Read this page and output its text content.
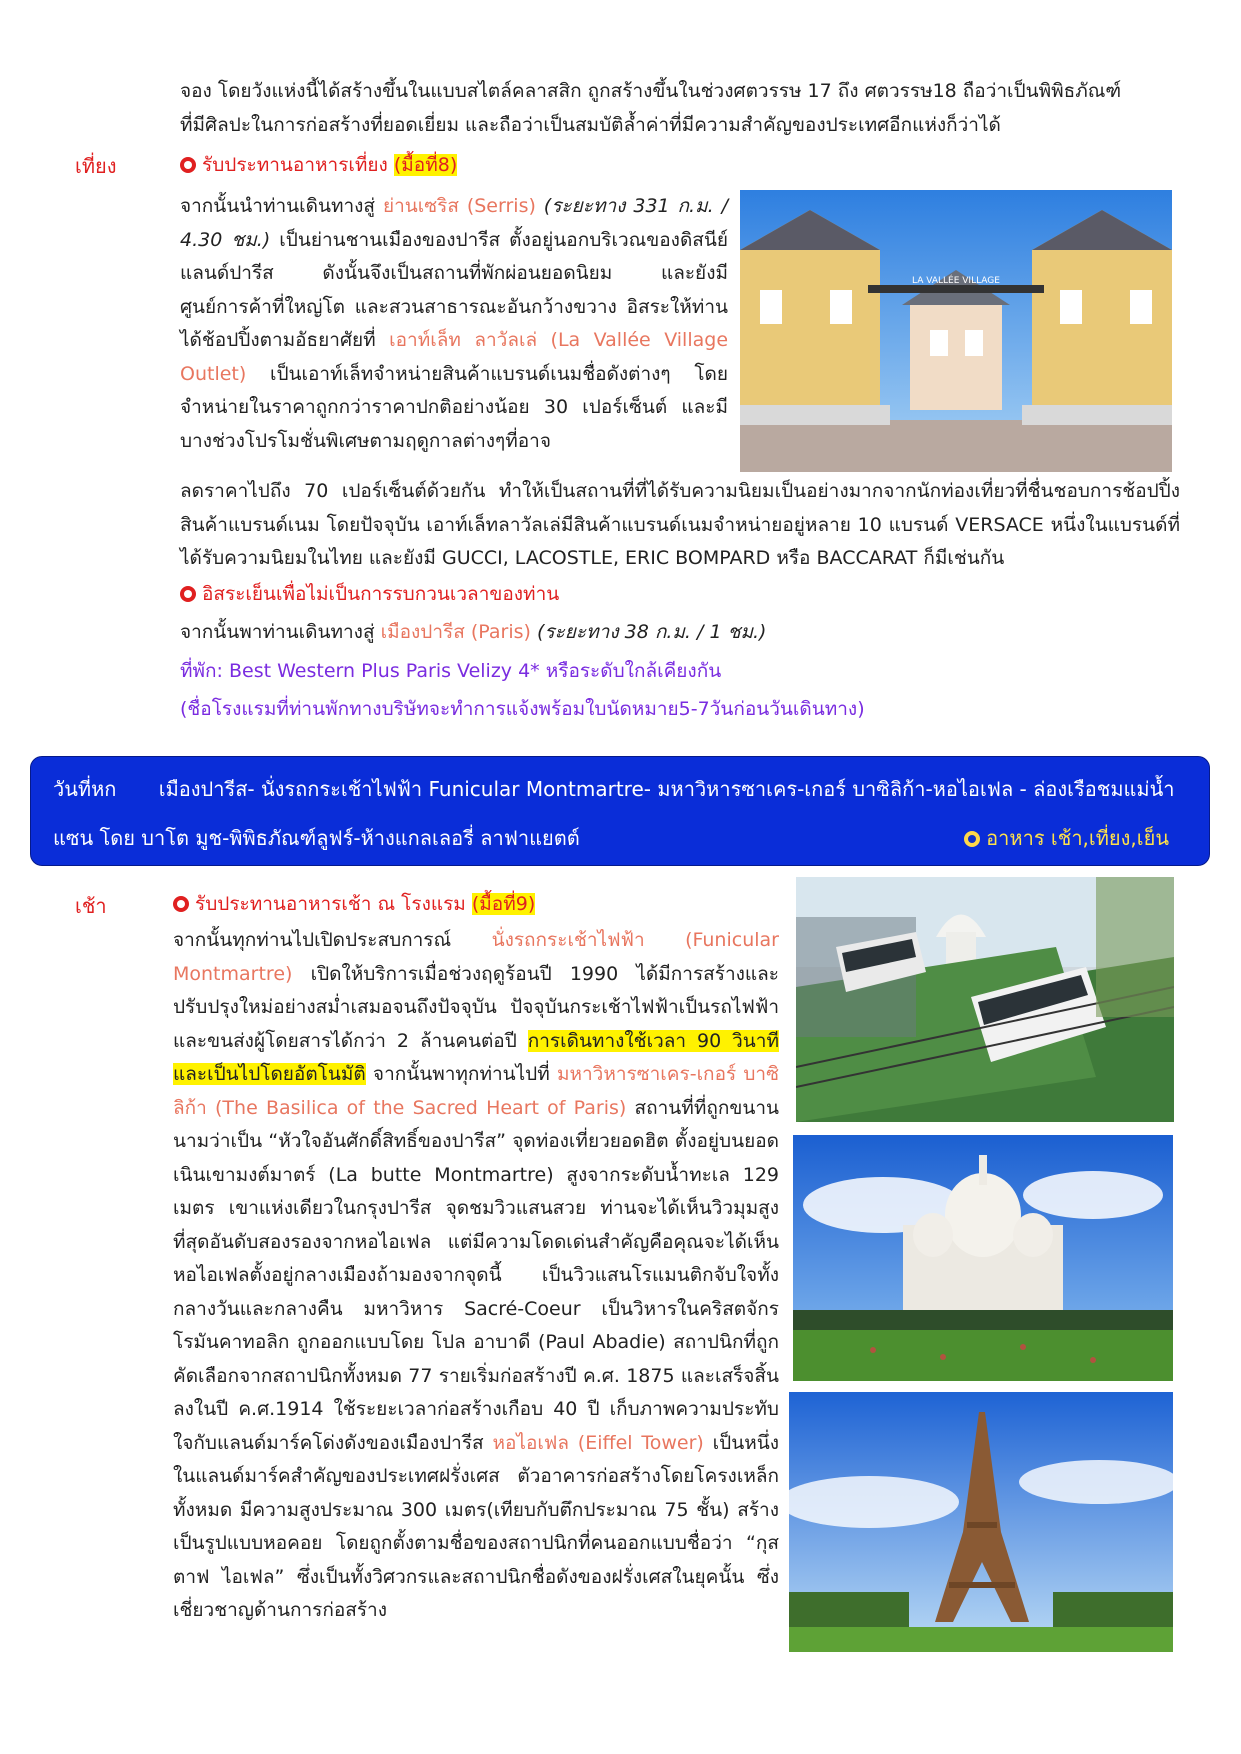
จอง โดยวังแห่งนี้ได้สร้างขึ้นในแบบสไตล์คลาสสิก ถูกสร้างขึ้นในช่วงศตวรรษ 17 ถึง ศตวรรษ18 ถือว่าเป็นพิพิธภัณฑ์
ที่มีศิลปะในการก่อสร้างที่ยอดเยี่ยม และถือว่าเป็นสมบัติล้ำค่าที่มีความสำคัญของประเทศอีกแห่งก็ว่าได้
เที่ยง	รับประทานอาหารเที่ยง (มื้อที่8)
จากนั้นนำท่านเดินทางสู่ ย่านเซริส (Serris) (ระยะทาง 331 ก.ม. / 4.30 ชม.) เป็นย่านชานเมืองของปารีส ตั้งอยู่นอกบริเวณของดิสนีย์แลนด์ปารีส ดังนั้นจึงเป็นสถานที่พักผ่อนยอดนิยม และยังมี ศูนย์การค้าที่ใหญ่โต และสวนสาธารณะอันกว้างขวาง อิสระให้ท่านได้ช้อปปิ้งตามอัธยาศัยที่ เอาท์เล็ท ลาวัลเล่ (La Vallée Village Outlet) เป็นเอาท์เล็ทจำหน่ายสินค้าแบรนด์เนมชื่อดังต่างๆ โดยจำหน่ายในราคาถูกกว่าราคาปกติอย่างน้อย 30 เปอร์เซ็นต์ และมีบางช่วงโปรโมชั่นพิเศษตามฤดูกาลต่างๆที่อาจ
ลดราคาไปถึง 70 เปอร์เซ็นต์ด้วยกัน ทำให้เป็นสถานที่ที่ได้รับความนิยมเป็นอย่างมากจากนักท่องเที่ยวที่ชื่นชอบการช้อปปิ้งสินค้าแบรนด์เนม โดยปัจจุบัน เอาท์เล็ทลาวัลเล่มีสินค้าแบรนด์เนมจำหน่ายอยู่หลาย 10 แบรนด์ VERSACE หนึ่งในแบรนด์ที่ได้รับความนิยมในไทย และยังมี GUCCI, LACOSTLE, ERIC BOMPARD หรือ BACCARAT ก็มีเช่นกัน
LA VALLÉE VILLAGE
อิสระเย็นเพื่อไม่เป็นการรบกวนเวลาของท่าน
จากนั้นพาท่านเดินทางสู่ เมืองปารีส (Paris) (ระยะทาง 38 ก.ม. / 1 ชม.)
ที่พัก: Best Western Plus Paris Velizy 4* หรือระดับใกล้เคียงกัน
(ชื่อโรงแรมที่ท่านพักทางบริษัทจะทำการแจ้งพร้อมใบนัดหมาย5-7วันก่อนวันเดินทาง)
วันที่หก เมืองปารีส- นั่งรถกระเช้าไฟฟ้า Funicular Montmartre- มหาวิหารซาเคร-เกอร์ บาซิลิก้า-หอไอเฟล - ล่องเรือชมแม่น้ำ
แซน โดย บาโต มูช-พิพิธภัณฑ์ลูฟร์-ห้างแกลเลอรี่ ลาฟาแยตต์	อาหาร เช้า,เที่ยง,เย็น
เช้า	รับประทานอาหารเช้า ณ โรงแรม (มื้อที่9)
จากนั้นทุกท่านไปเปิดประสบการณ์ นั่งรถกระเช้าไฟฟ้า (Funicular Montmartre) เปิดให้บริการเมื่อช่วงฤดูร้อนปี 1990 ได้มีการสร้างและปรับปรุงใหม่อย่างสม่ำเสมอจนถึงปัจจุบัน ปัจจุบันกระเช้าไฟฟ้าเป็นรถไฟฟ้าและขนส่งผู้โดยสารได้กว่า 2 ล้านคนต่อปี การเดินทางใช้เวลา 90 วินาทีและเป็นไปโดยอัตโนมัติ จากนั้นพาทุกท่านไปที่ มหาวิหารซาเคร-เกอร์ บาซิลิก้า (The Basilica of the Sacred Heart of Paris) สถานที่ที่ถูกขนานนามว่าเป็น “หัวใจอันศักดิ์สิทธิ์ของปารีส” จุดท่องเที่ยวยอดฮิต ตั้งอยู่บนยอดเนินเขามงต์มาตร์ (La butte Montmartre) สูงจากระดับน้ำทะเล 129 เมตร เขาแห่งเดียวในกรุงปารีส จุดชมวิวแสนสวย ท่านจะได้เห็นวิวมุมสูงที่สุดอันดับสองรองจากหอไอเฟล แต่มีความโดดเด่นสำคัญคือคุณจะได้เห็นหอไอเฟลตั้งอยู่กลางเมืองถ้ามองจากจุดนี้ เป็นวิวแสนโรแมนติกจับใจทั้งกลางวันและกลางคืน มหาวิหาร Sacré-Coeur เป็นวิหารในคริสตจักรโรมันคาทอลิก ถูกออกแบบโดย โปล อาบาดี (Paul Abadie) สถาปนิกที่ถูกคัดเลือกจากสถาปนิกทั้งหมด 77 รายเริ่มก่อสร้างปี ค.ศ. 1875 และเสร็จสิ้นลงในปี ค.ศ.1914 ใช้ระยะเวลาก่อสร้างเกือบ 40 ปี เก็บภาพความประทับใจกับแลนด์มาร์คโด่งดังของเมืองปารีส หอไอเฟล (Eiffel Tower) เป็นหนึ่งในแลนด์มาร์คสำคัญของประเทศฝรั่งเศส ตัวอาคารก่อสร้างโดยโครงเหล็กทั้งหมด มีความสูงประมาณ 300 เมตร(เทียบกับตึกประมาณ 75 ชั้น) สร้างเป็นรูปแบบหอคอย โดยถูกตั้งตามชื่อของสถาปนิกที่คนออกแบบชื่อว่า “กุสตาฟ ไอเฟล” ซึ่งเป็นทั้งวิศวกรและสถาปนิกชื่อดังของฝรั่งเศสในยุคนั้น ซึ่งเชี่ยวชาญด้านการก่อสร้าง
